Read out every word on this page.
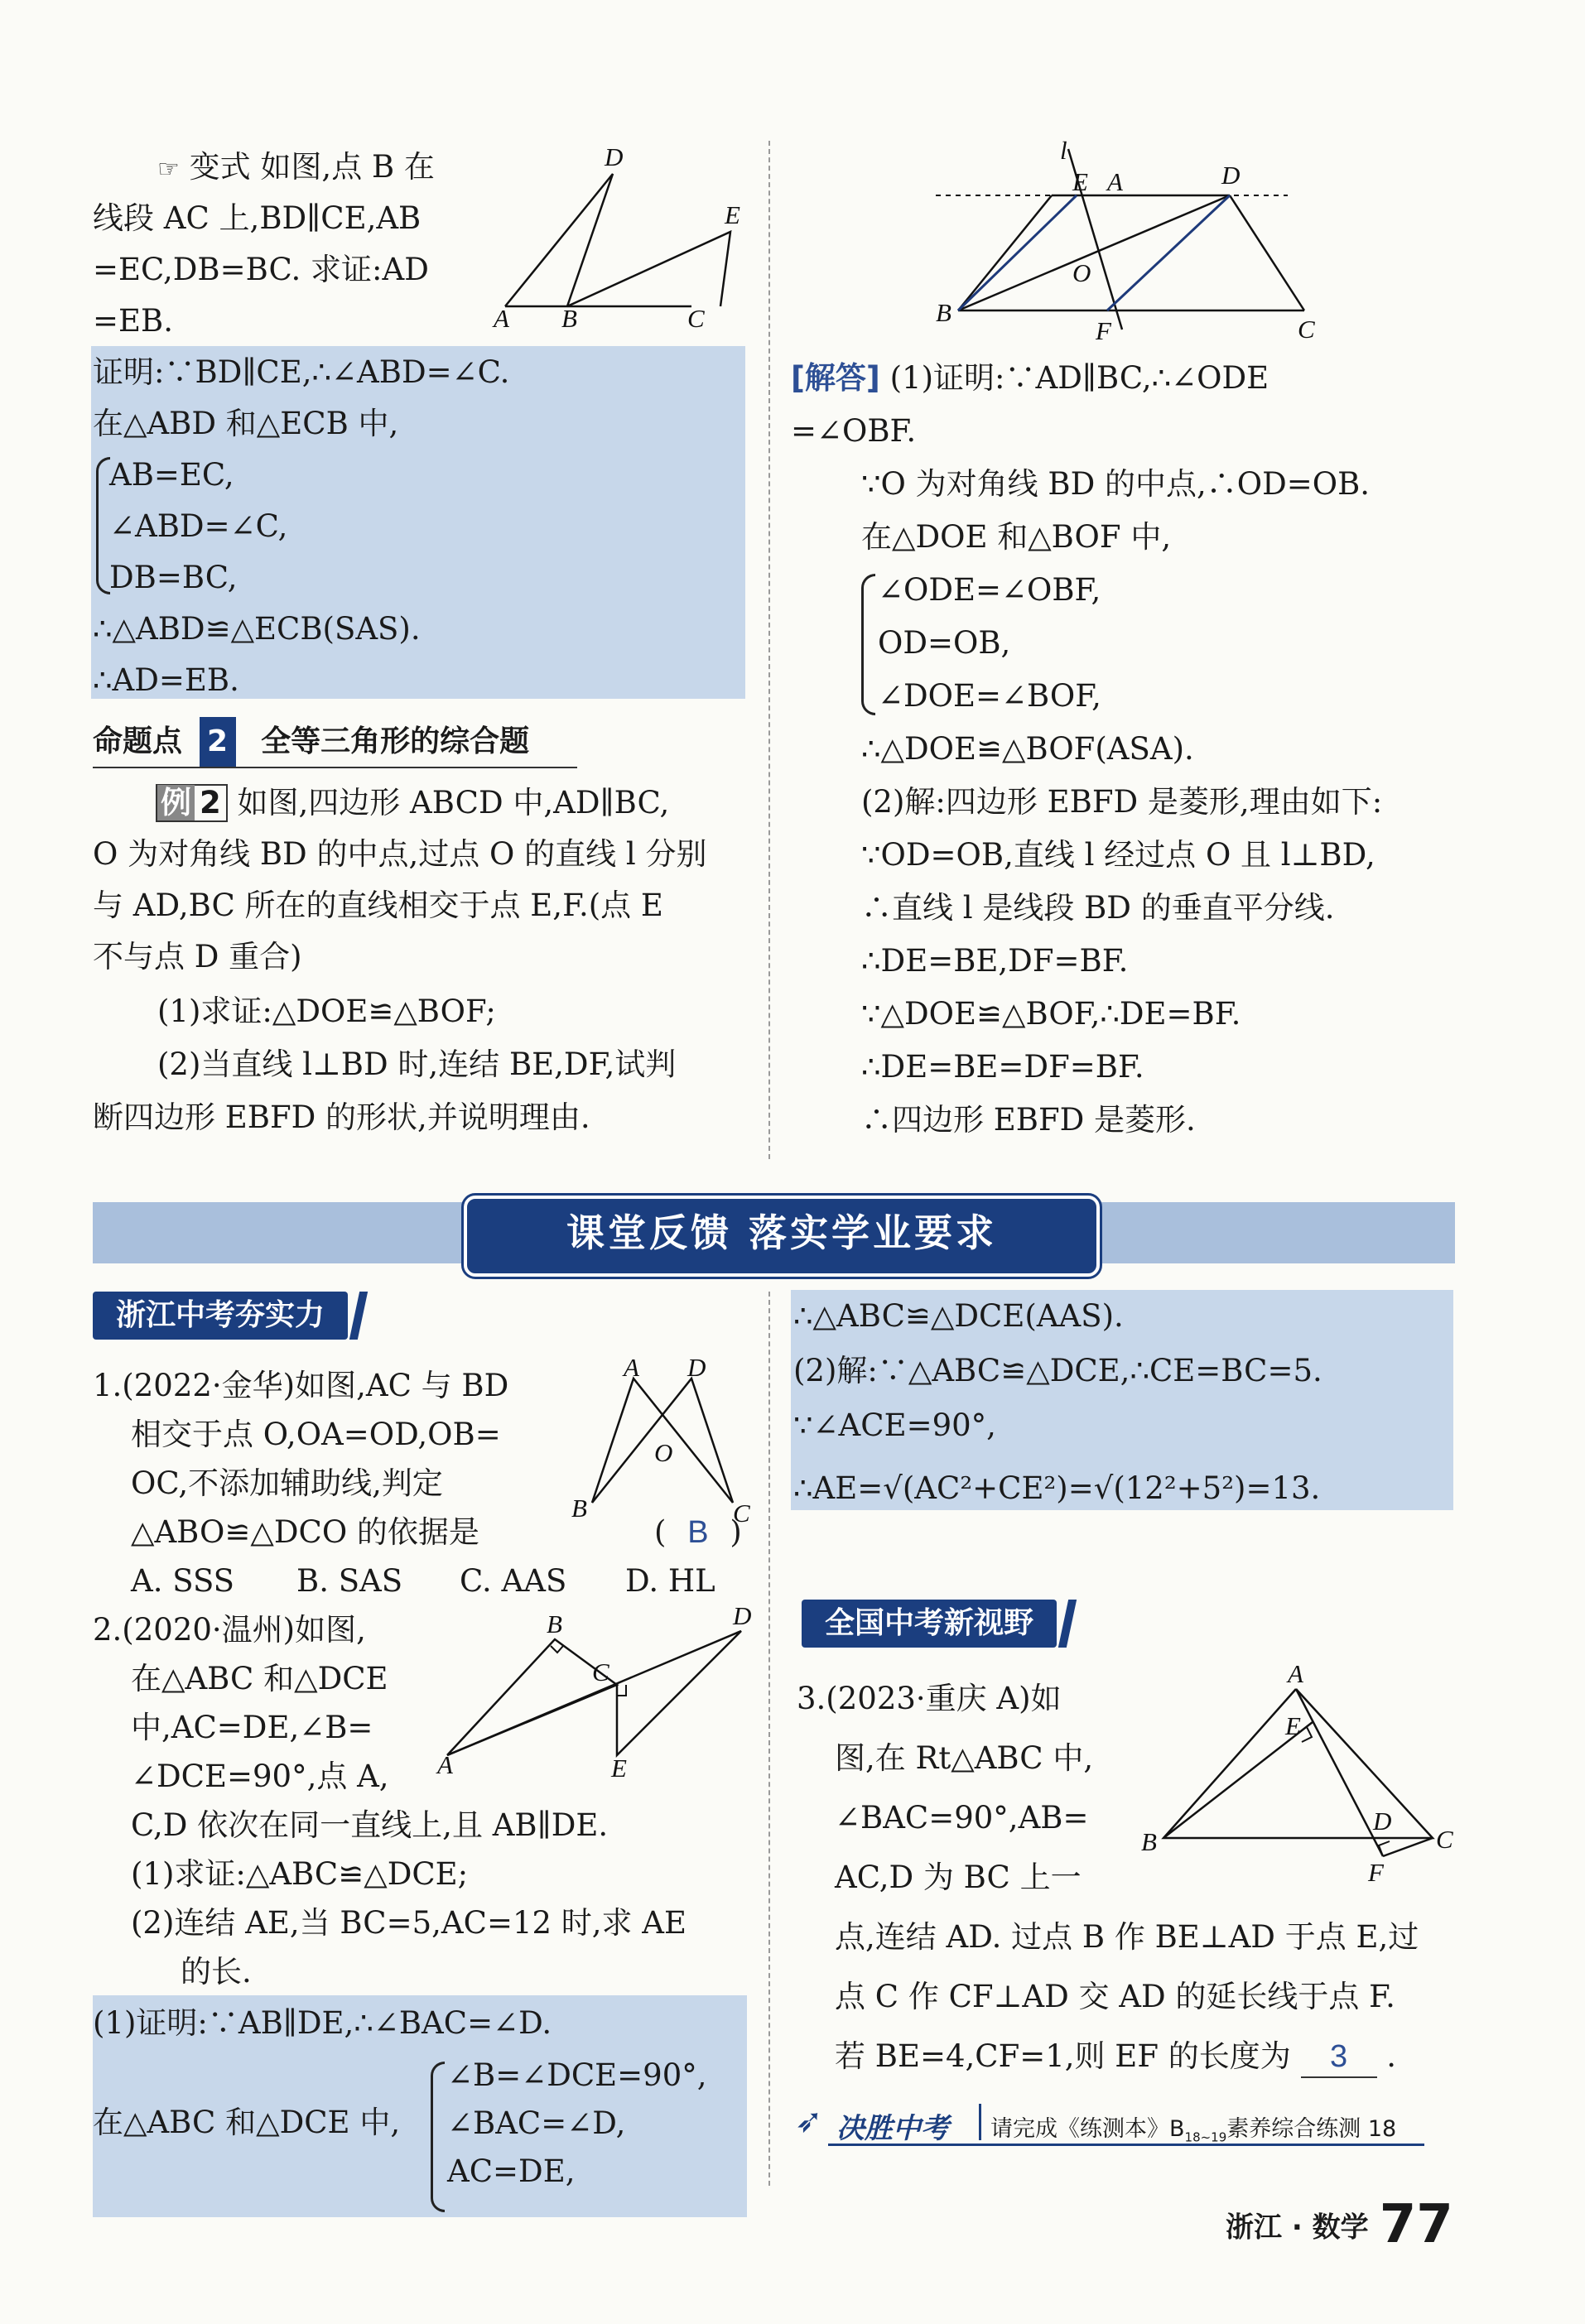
☞ 变式 如图,点 B 在
线段 AC 上,BD∥CE,AB
=EC,DB=BC. 求证:AD
=EB.	A B	C
D
E
证明:∵BD∥CE,∴∠ABD=∠C.
在△ABD 和△ECB 中,
AB=EC,
∠ABD=∠C,
DB=BC,
∴△ABD≌△ECB(SAS).
∴AD=EB.
命题点 2 全等三角形的综合题
例 2 如图,四边形 ABCD 中,AD∥BC,
O 为对角线 BD 的中点,过点 O 的直线 l 分别
与 AD,BC 所在的直线相交于点 E,F.(点 E
不与点 D 重合)
(1)求证:△DOE≌△BOF;
(2)当直线 l⊥BD 时,连结 BE,DF,试判
断四边形 EBFD 的形状,并说明理由.
l
E A	D
O
B
F	C
[解答] (1)证明:∵AD∥BC,∴∠ODE
=∠OBF.
∵O 为对角线 BD 的中点,∴OD=OB.
在△DOE 和△BOF 中,
∠ODE=∠OBF,
OD=OB,
∠DOE=∠BOF,
∴△DOE≌△BOF(ASA).
(2)解:四边形 EBFD 是菱形,理由如下:
∵OD=OB,直线 l 经过点 O 且 l⊥BD,
∴直线 l 是线段 BD 的垂直平分线.
∴DE=BE,DF=BF.
∵△DOE≌△BOF,∴DE=BF.
∴DE=BE=DF=BF.
∴四边形 EBFD 是菱形.
课堂反馈 落实学业要求
浙江中考夯实力
1.(2022·金华)如图,AC 与 BD
相交于点 O,OA=OD,OB=
OC,不添加辅助线,判定
△ABO≌△DCO 的依据是	( B )
A. SSS B. SAS C. AAS D. HL
A D
O
B	C
2.(2020·温州)如图,
在△ABC 和△DCE
中,AC=DE,∠B=
∠DCE=90°,点 A,
C,D 依次在同一直线上,且 AB∥DE.
(1)求证:△ABC≌△DCE;
(2)连结 AE,当 BC=5,AC=12 时,求 AE
的长.
B
C
D
A	E
(1)证明:∵AB∥DE,∴∠BAC=∠D.
在△ABC 和△DCE 中,
∠B=∠DCE=90°,
∠BAC=∠D,
AC=DE,
∴△ABC≌△DCE(AAS).
(2)解:∵△ABC≌△DCE,∴CE=BC=5.
∵∠ACE=90°,
∴AE=√(AC²+CE²)=√(12²+5²)=13.
全国中考新视野
3.(2023·重庆 A)如
图,在 Rt△ABC 中,
∠BAC=90°,AB=
AC,D 为 BC 上一
点,连结 AD. 过点 B 作 BE⊥AD 于点 E,过
点 C 作 CF⊥AD 交 AD 的延长线于点 F.
若 BE=4,CF=1,则 EF 的长度为 3 .
A
E
D
B	C
F
➶ 决胜中考 请完成《练测本》$B_{18\sim 19}$素养综合练测 18
浙江 · 数学 77
